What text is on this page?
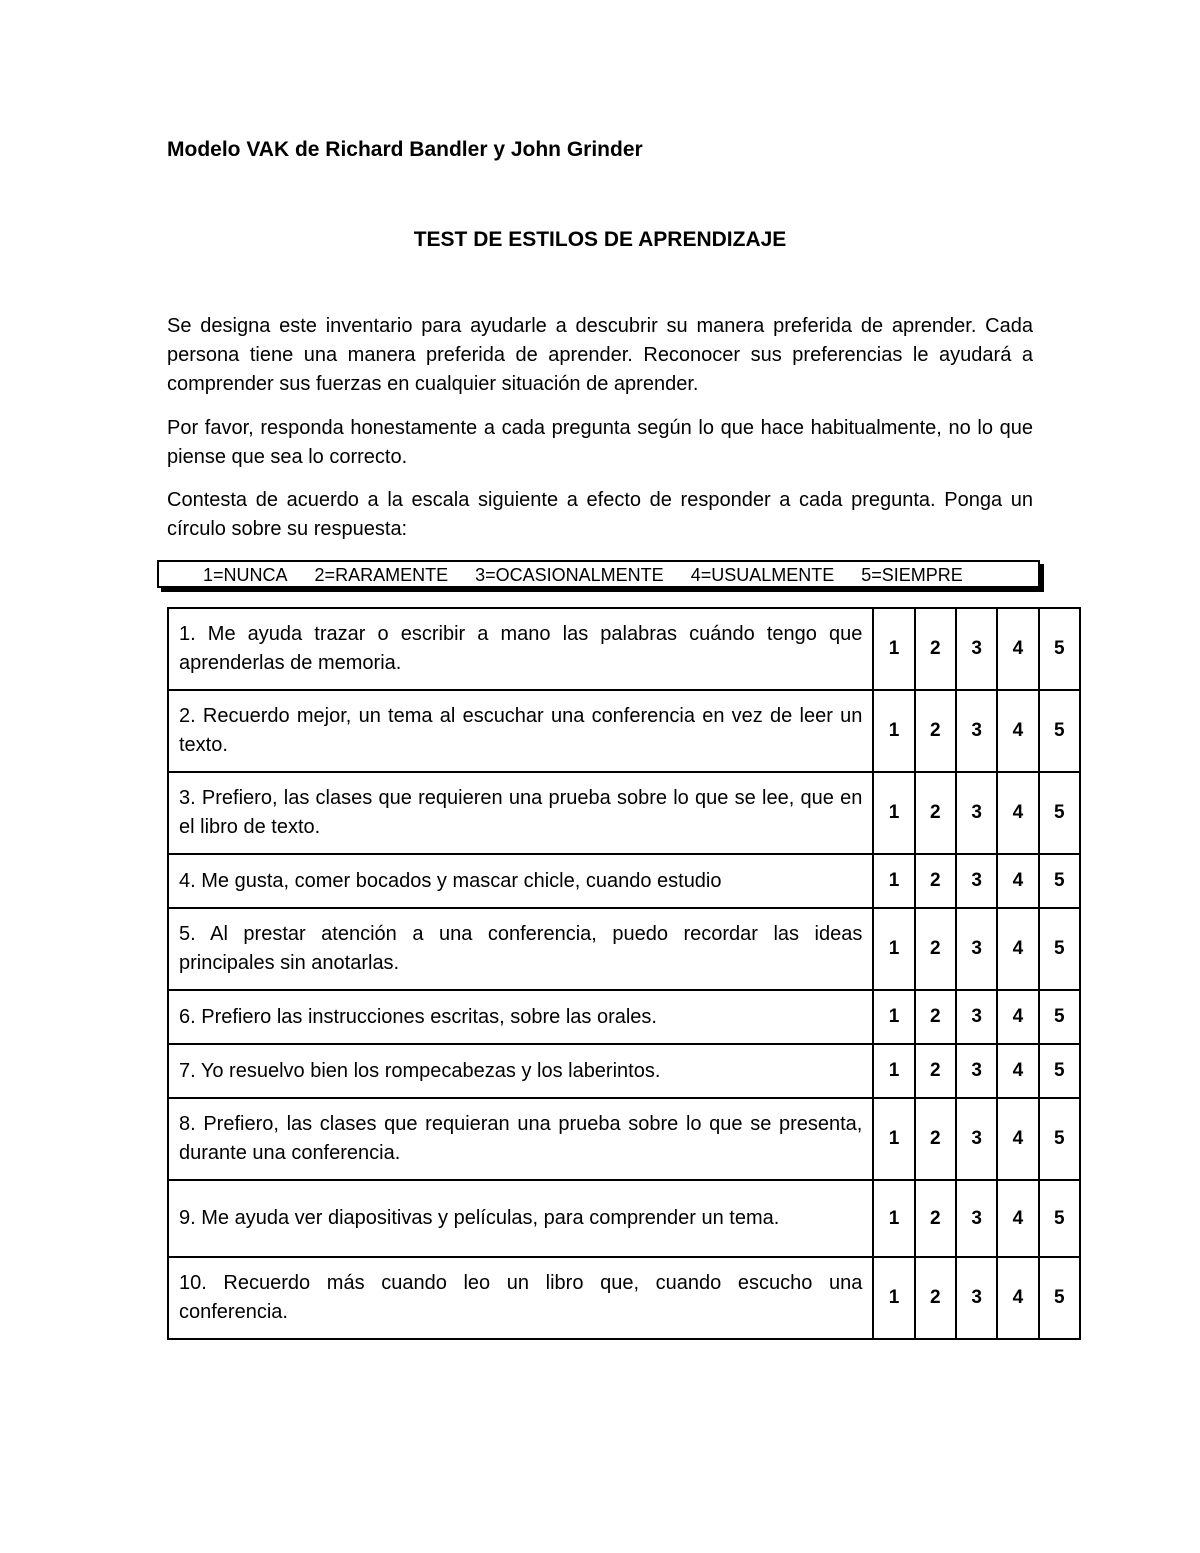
Modelo VAK de Richard Bandler y John Grinder

TEST DE ESTILOS DE APRENDIZAJE

Se designa este inventario para ayudarle a descubrir su manera preferida de aprender. Cada persona tiene una manera preferida de aprender. Reconocer sus preferencias le ayudará a comprender sus fuerzas en cualquier situación de aprender.

Por favor, responda honestamente a cada pregunta según lo que hace habitualmente, no lo que piense que sea lo correcto.

Contesta de acuerdo a la escala siguiente a efecto de responder a cada pregunta. Ponga un círculo sobre su respuesta:

1=NUNCA 2=RARAMENTE 3=OCASIONALMENTE 4=USUALMENTE 5=SIEMPRE
1. Me ayuda trazar o escribir a mano las palabras cuándo tengo que aprenderlas de memoria.	1	2	3	4	5
2. Recuerdo mejor, un tema al escuchar una conferencia en vez de leer un texto.	1	2	3	4	5
3. Prefiero, las clases que requieren una prueba sobre lo que se lee, que en el libro de texto.	1	2	3	4	5
4. Me gusta, comer bocados y mascar chicle, cuando estudio	1	2	3	4	5
5. Al prestar atención a una conferencia, puedo recordar las ideas principales sin anotarlas.	1	2	3	4	5
6. Prefiero las instrucciones escritas, sobre las orales.	1	2	3	4	5
7. Yo resuelvo bien los rompecabezas y los laberintos.	1	2	3	4	5
8. Prefiero, las clases que requieran una prueba sobre lo que se presenta, durante una conferencia.	1	2	3	4	5
9. Me ayuda ver diapositivas y películas, para comprender un tema.	1	2	3	4	5
10. Recuerdo más cuando leo un libro que, cuando escucho una conferencia.	1	2	3	4	5
